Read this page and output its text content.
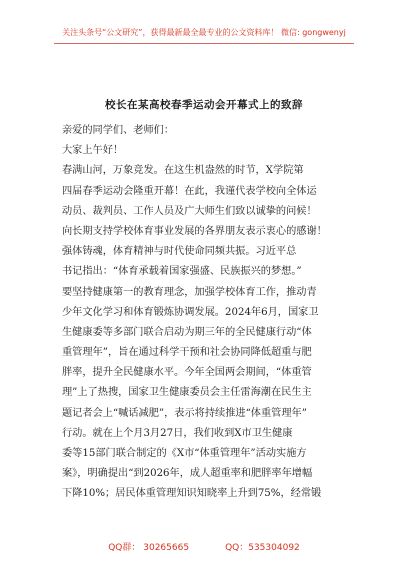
关注头条号“公文研究”，获得最新最全最专业的公文资料库！ 微信: gongwenyj
校长在某高校春季运动会开幕式上的致辞
亲爱的同学们、老师们：
大家上午好！
春满山河，万象竞发。在这生机盎然的时节，X学院第
四届春季运动会隆重开幕！在此，我谨代表学校向全体运
动员、裁判员、工作人员及广大师生们致以诚挚的问候！
向长期支持学校体育事业发展的各界朋友表示衷心的感谢！
强体铸魂，体育精神与时代使命同频共振。习近平总
书记指出：“体育承载着国家强盛、民族振兴的梦想。”
要坚持健康第一的教育理念，加强学校体育工作，推动青
少年文化学习和体育锻炼协调发展。2024年6月，国家卫
生健康委等多部门联合启动为期三年的全民健康行动“体
重管理年”，旨在通过科学干预和社会协同降低超重与肥
胖率，提升全民健康水平。今年全国两会期间，“体重管
理”上了热搜，国家卫生健康委员会主任雷海潮在民生主
题记者会上“喊话减肥”，表示将持续推进“体重管理年”
行动。就在上个月3月27日，我们收到X市卫生健康
委等15部门联合制定的《X市“体重管理年”活动实施方
案》，明确提出“到2026年，成人超重率和肥胖率年增幅
下降10%；居民体重管理知识知晓率上升到75%，经常锻
QQ群： 30265665	QQ：535304092
